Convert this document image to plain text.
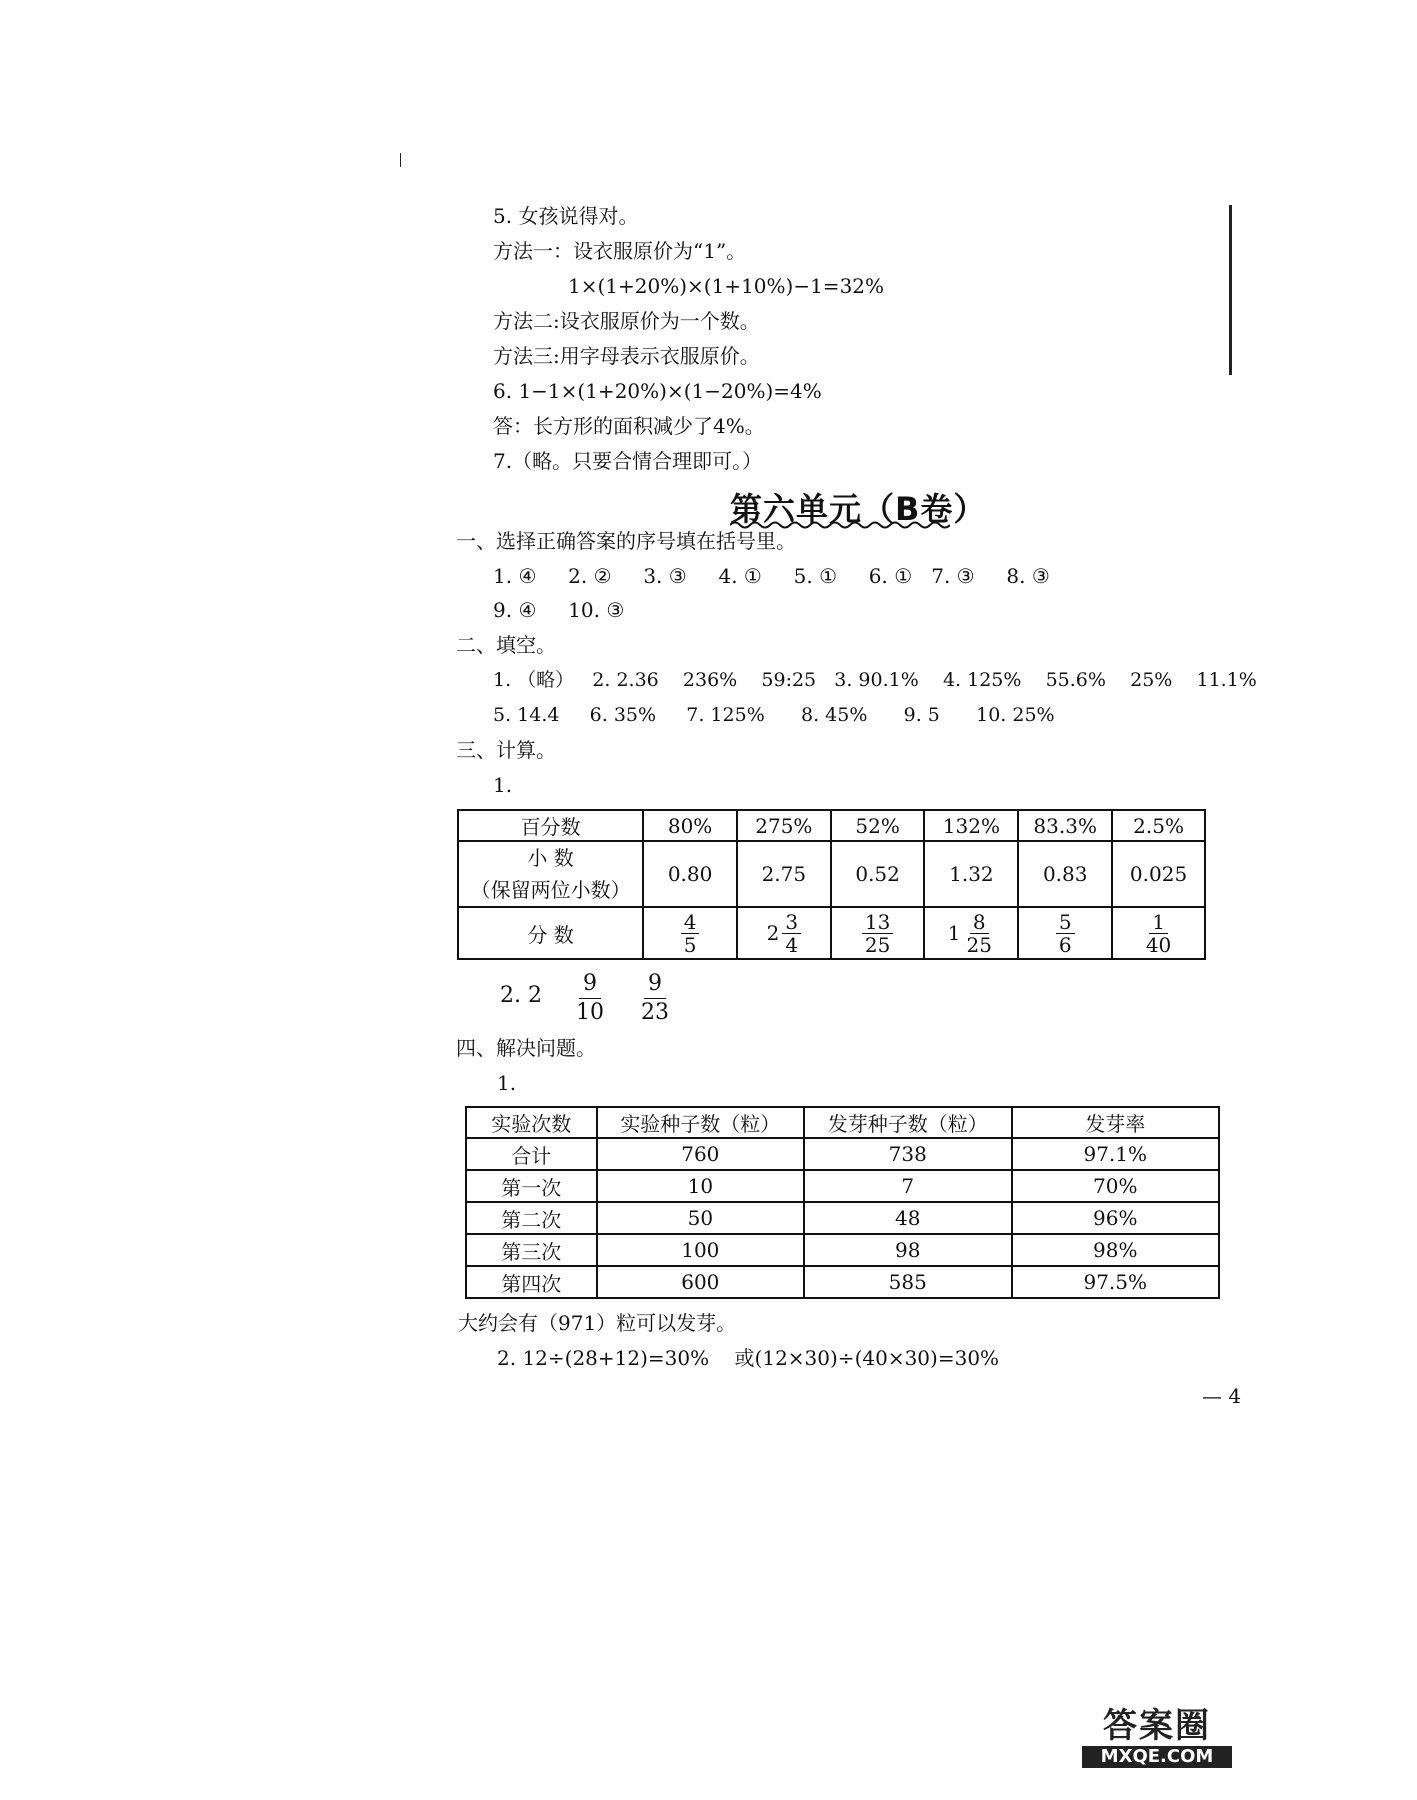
5. 女孩说得对。
方法一：设衣服原价为“1”。
1×(1+20%)×(1+10%)−1=32%
方法二:设衣服原价为一个数。
方法三:用字母表示衣服原价。
6. 1−1×(1+20%)×(1−20%)=4%
答：长方形的面积减少了4%。
7.（略。只要合情合理即可。）
第六单元（B卷）
一、选择正确答案的序号填在括号里。
1. ④     2. ②     3. ③     4. ①     5. ①     6. ①   7. ③     8. ③
9. ④     10. ③
二、填空。
1. （略）   2. 2.36    236%    59:25   3. 90.1%    4. 125%    55.6%    25%    11.1%
5. 14.4     6. 35%     7. 125%      8. 45%      9. 5      10. 25%
三、计算。
1.
百分数	80%	275%	52%	132%	83.3%	2.5%

小 数
（保留两位小数）	0.80	2.75	0.52	1.32	0.83	0.025
分 数	$\frac{4}{5}$	$2 \frac{3}{4}$	$\frac{13}{25}$	$1 \frac{8}{25}$	$\frac{5}{6}$	$\frac{1}{40}$
2. $2 \frac{9}{10} \frac{9}{23}$
四、解决问题。
1.
实验次数	实验种子数（粒）	发芽种子数（粒）	发芽率
合计	760	738	97.1%
第一次	10	7	70%
第二次	50	48	96%
第三次	100	98	98%
第四次	600	585	97.5%
大约会有（971）粒可以发芽。
2. 12÷(28+12)=30%    或(12×30)÷(40×30)=30%
— 4
答案圈
MXQE.COM
